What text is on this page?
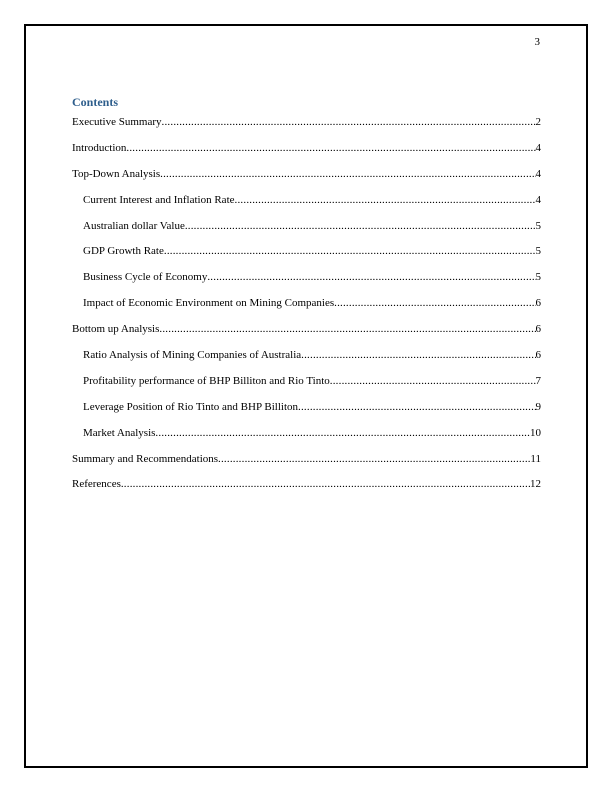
3
Contents
Executive Summary .....	2
Introduction .....	4
Top-Down Analysis .....	4
Current Interest and Inflation Rate .....	4
Australian dollar Value .....	5
GDP Growth Rate .....	5
Business Cycle of Economy .....	5
Impact of Economic Environment on Mining Companies .....	6
Bottom up Analysis .....	6
Ratio Analysis of Mining Companies of Australia .....	6
Profitability performance of BHP Billiton and Rio Tinto .....	7
Leverage Position of Rio Tinto and BHP Billiton .....	9
Market Analysis .....	10
Summary and Recommendations .....	11
References .....	12
